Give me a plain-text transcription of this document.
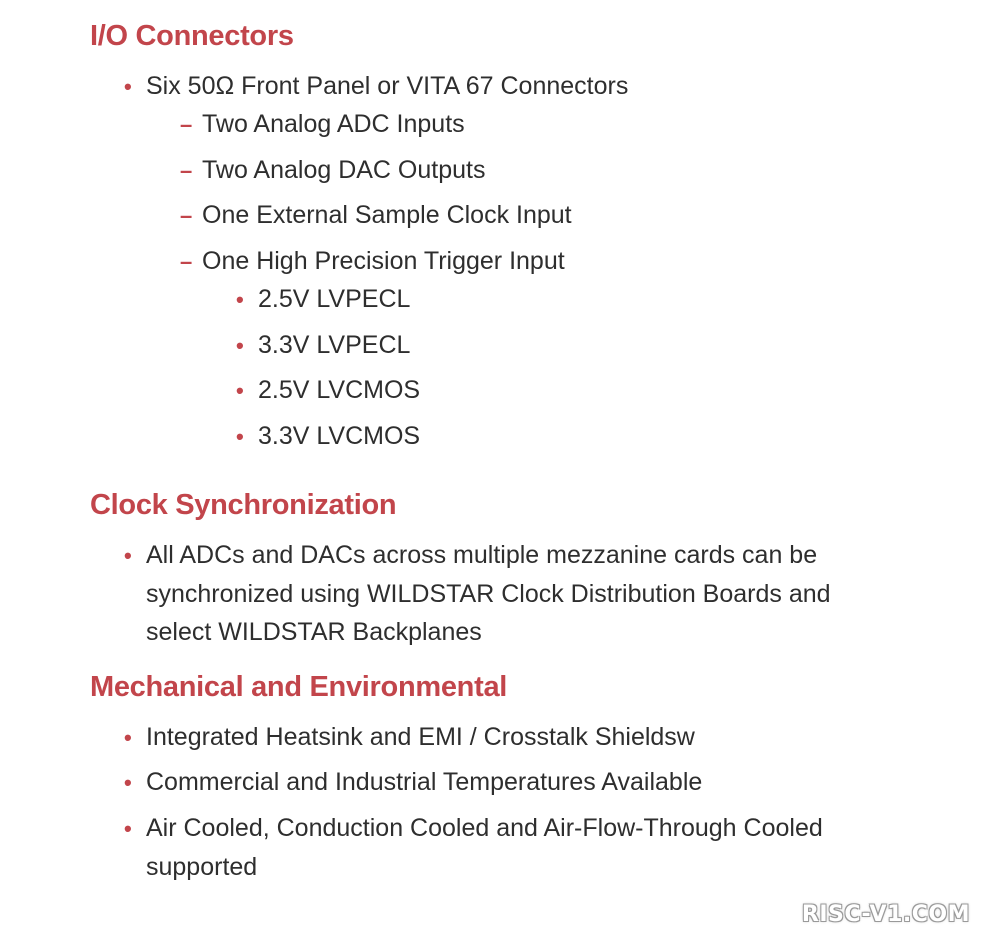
I/O Connectors
•
Six 50Ω Front Panel or VITA 67 Connectors
–
Two Analog ADC Inputs
–
Two Analog DAC Outputs
–
One External Sample Clock Input
–
One High Precision Trigger Input
•
2.5V LVPECL
•
3.3V LVPECL
•
2.5V LVCMOS
•
3.3V LVCMOS
Clock Synchronization
•
All ADCs and DACs across multiple mezzanine cards can be
synchronized using WILDSTAR Clock Distribution Boards and
select WILDSTAR Backplanes
Mechanical and Environmental
•
Integrated Heatsink and EMI / Crosstalk Shieldsw
•
Commercial and Industrial Temperatures Available
•
Air Cooled, Conduction Cooled and Air-Flow-Through Cooled
supported
RISC-V1.COM
